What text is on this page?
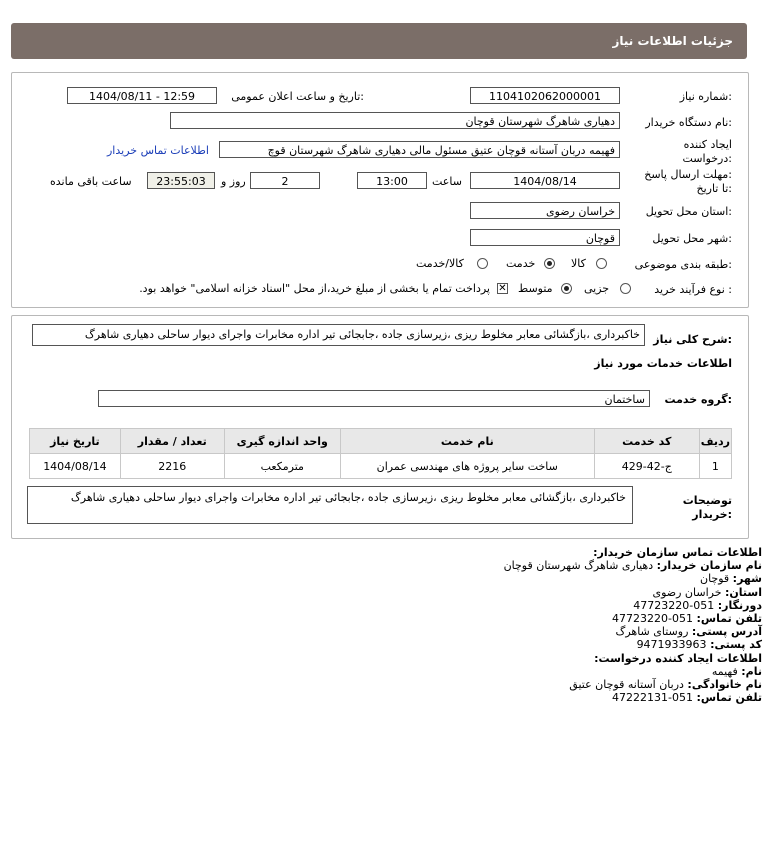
جزئیات اطلاعات نیاز
شماره نیاز:
1104102062000001
تاریخ و ساعت اعلان عمومی:
1404/08/11 - 12:59
نام دستگاه خریدار:
دهیاری شاهرگ شهرستان قوچان
ایجاد کننده
درخواست:
فهیمه دربان آستانه قوچان عتیق مسئول مالی دهیاری شاهرگ شهرستان قوچ
اطلاعات تماس خریدار
مهلت ارسال پاسخ:
تا تاریخ:
1404/08/14
ساعت
13:00
2
روز و
23:55:03
ساعت باقی مانده
استان محل تحویل:
خراسان رضوی
شهر محل تحویل:
قوچان
طبقه بندی موضوعی:
کالا
خدمت
کالا/خدمت
نوع فرآیند خرید :
جزیی
متوسط
✕
پرداخت تمام یا بخشی از مبلغ خرید،از محل "اسناد خزانه اسلامی" خواهد بود.
شرح کلی نیاز:
خاکبرداری ،بازگشائی معابر مخلوط ریزی ،زیرسازی جاده ،جابجائی تیر اداره مخابرات واجرای دیوار ساحلی دهیاری شاهرگ
اطلاعات خدمات مورد نیاز
گروه خدمت:
ساختمان
ردیف	کد خدمت	نام خدمت	واحد اندازه گیری	تعداد / مقدار	تاریخ نیاز
1	ج-42-429	ساخت سایر پروژه های مهندسی عمران	مترمکعب	2216	1404/08/14
توضیحات
خریدار:
خاکبرداری ،بازگشائی معابر مخلوط ریزی ،زیرسازی جاده ،جابجائی تیر اداره مخابرات واجرای دیوار ساحلی دهیاری شاهرگ
اطلاعات تماس سازمان خریدار:
نام سازمان خریدار: دهیاری شاهرگ شهرستان قوچان
شهر: قوچان
استان: خراسان رضوی
دورنگار: 051-47723220
تلفن تماس: 051-47723220
آدرس پستی: روستای شاهرگ
کد پستی: 9471933963
اطلاعات ایجاد کننده درخواست:
نام: فهیمه
نام خانوادگی: دربان آستانه قوچان عتیق
تلفن تماس: 051-47222131
